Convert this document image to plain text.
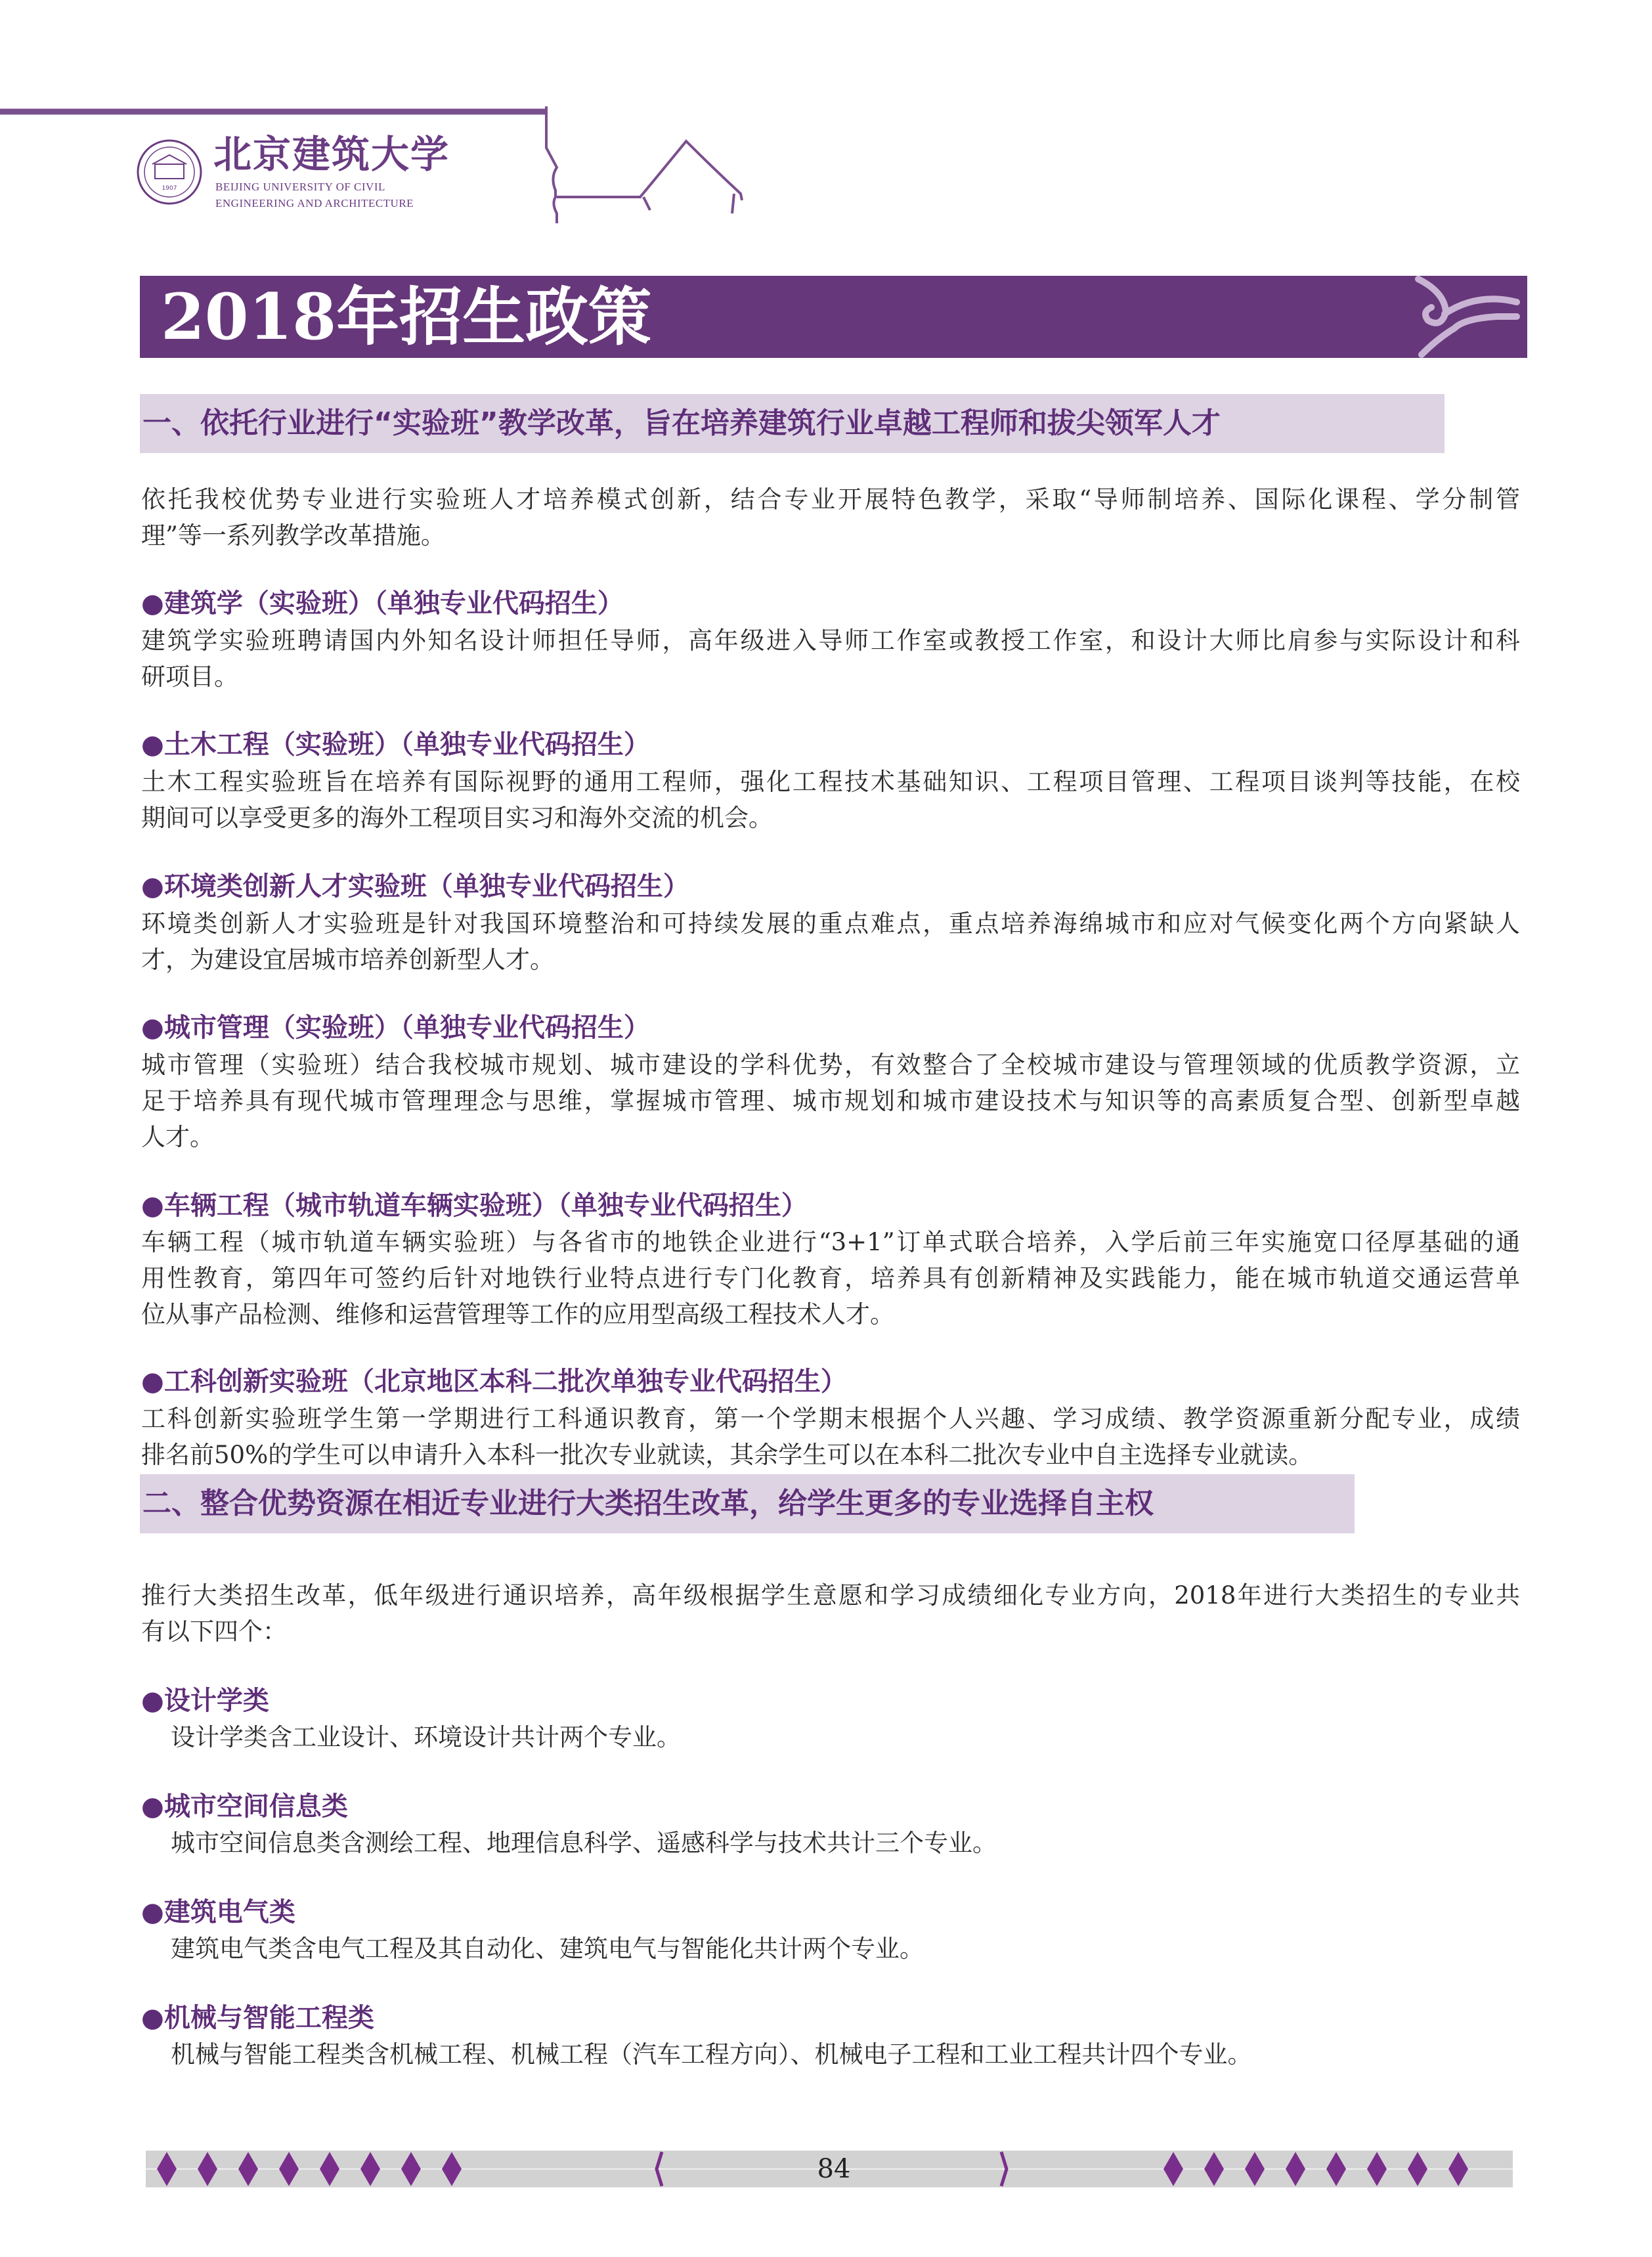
北京建筑大学
BEIJING UNIVERSITY OF CIVIL
ENGINEERING AND ARCHITECTURE
1907
2018年招生政策
一、依托行业进行“实验班”教学改革，旨在培养建筑行业卓越工程师和拔尖领军人才
依托我校优势专业进行实验班人才培养模式创新，结合专业开展特色教学，采取“导师制培养、国际化课程、学分制管
理”等一系列教学改革措施。
●建筑学（实验班）（单独专业代码招生）
建筑学实验班聘请国内外知名设计师担任导师，高年级进入导师工作室或教授工作室，和设计大师比肩参与实际设计和科
研项目。
●土木工程（实验班）（单独专业代码招生）
土木工程实验班旨在培养有国际视野的通用工程师，强化工程技术基础知识、工程项目管理、工程项目谈判等技能，在校
期间可以享受更多的海外工程项目实习和海外交流的机会。
●环境类创新人才实验班（单独专业代码招生）
环境类创新人才实验班是针对我国环境整治和可持续发展的重点难点，重点培养海绵城市和应对气候变化两个方向紧缺人
才，为建设宜居城市培养创新型人才。
●城市管理（实验班）（单独专业代码招生）
城市管理（实验班）结合我校城市规划、城市建设的学科优势，有效整合了全校城市建设与管理领域的优质教学资源，立
足于培养具有现代城市管理理念与思维，掌握城市管理、城市规划和城市建设技术与知识等的高素质复合型、创新型卓越
人才。
●车辆工程（城市轨道车辆实验班）（单独专业代码招生）
车辆工程（城市轨道车辆实验班）与各省市的地铁企业进行“3+1”订单式联合培养，入学后前三年实施宽口径厚基础的通
用性教育，第四年可签约后针对地铁行业特点进行专门化教育，培养具有创新精神及实践能力，能在城市轨道交通运营单
位从事产品检测、维修和运营管理等工作的应用型高级工程技术人才。
●工科创新实验班（北京地区本科二批次单独专业代码招生）
工科创新实验班学生第一学期进行工科通识教育，第一个学期末根据个人兴趣、学习成绩、教学资源重新分配专业，成绩
排名前50%的学生可以申请升入本科一批次专业就读，其余学生可以在本科二批次专业中自主选择专业就读。
二、整合优势资源在相近专业进行大类招生改革，给学生更多的专业选择自主权
推行大类招生改革，低年级进行通识培养，高年级根据学生意愿和学习成绩细化专业方向，2018年进行大类招生的专业共
有以下四个：
●设计学类
设计学类含工业设计、环境设计共计两个专业。
●城市空间信息类
城市空间信息类含测绘工程、地理信息科学、遥感科学与技术共计三个专业。
●建筑电气类
建筑电气类含电气工程及其自动化、建筑电气与智能化共计两个专业。
●机械与智能工程类
机械与智能工程类含机械工程、机械工程（汽车工程方向）、机械电子工程和工业工程共计四个专业。
84
